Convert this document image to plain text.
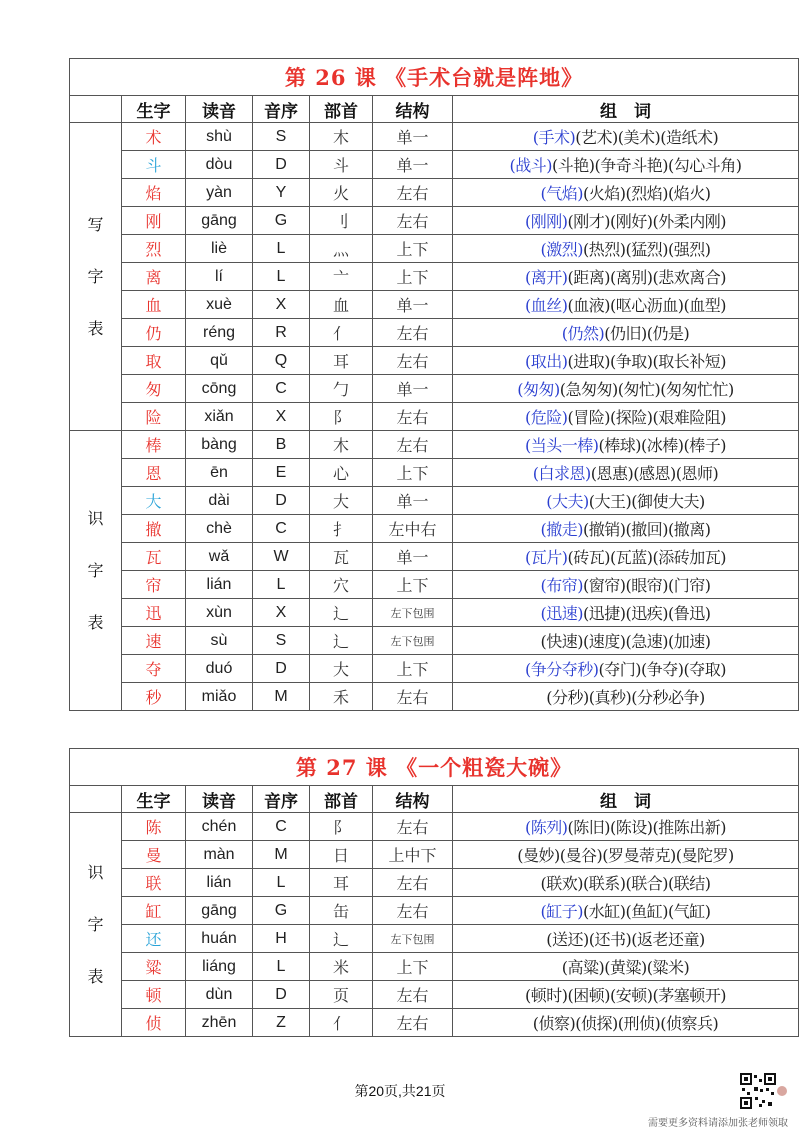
第 26 课 《手术台就是阵地》						
	生字	读音	音序	部首	结构	组　词

写
字
表	术	shù	S	木	单一	(手术)(艺术)(美术)(造纸术)
	斗	dòu	D	斗	单一	(战斗)(斗艳)(争奇斗艳)(勾心斗角)
	焰	yàn	Y	火	左右	(气焰)(火焰)(烈焰)(焰火)
	刚	gāng	G	刂	左右	(刚刚)(刚才)(刚好)(外柔内刚)
	烈	liè	L	灬	上下	(激烈)(热烈)(猛烈)(强烈)
	离	lí	L	亠	上下	(离开)(距离)(离别)(悲欢离合)
	血	xuè	X	血	单一	(血丝)(血液)(呕心沥血)(血型)
	仍	réng	R	亻	左右	(仍然)(仍旧)(仍是)
	取	qǔ	Q	耳	左右	(取出)(进取)(争取)(取长补短)
	匆	cōng	C	勹	单一	(匆匆)(急匆匆)(匆忙)(匆匆忙忙)
	险	xiǎn	X	阝	左右	(危险)(冒险)(探险)(艰难险阻)

识
字
表	棒	bàng	B	木	左右	(当头一棒)(棒球)(冰棒)(棒子)
	恩	ēn	E	心	上下	(白求恩)(恩惠)(感恩)(恩师)
	大	dài	D	大	单一	(大夫)(大王)(御使大夫)
	撤	chè	C	扌	左中右	(撤走)(撤销)(撤回)(撤离)
	瓦	wǎ	W	瓦	单一	(瓦片)(砖瓦)(瓦蓝)(添砖加瓦)
	帘	lián	L	穴	上下	(布帘)(窗帘)(眼帘)(门帘)
	迅	xùn	X	辶	左下包围	(迅速)(迅捷)(迅疾)(鲁迅)
	速	sù	S	辶	左下包围	(快速)(速度)(急速)(加速)
	夺	duó	D	大	上下	(争分夺秒)(夺门)(争夺)(夺取)
	秒	miǎo	M	禾	左右	(分秒)(真秒)(分秒必争)
第 27 课 《一个粗瓷大碗》						
	生字	读音	音序	部首	结构	组　词

识
字
表	陈	chén	C	阝	左右	(陈列)(陈旧)(陈设)(推陈出新)
	曼	màn	M	日	上中下	(曼妙)(曼谷)(罗曼蒂克)(曼陀罗)
	联	lián	L	耳	左右	(联欢)(联系)(联合)(联结)
	缸	gāng	G	缶	左右	(缸子)(水缸)(鱼缸)(气缸)
	还	huán	H	辶	左下包围	(送还)(还书)(返老还童)
	粱	liáng	L	米	上下	(高粱)(黄粱)(粱米)
	顿	dùn	D	页	左右	(顿时)(困顿)(安顿)(茅塞顿开)
	侦	zhēn	Z	亻	左右	(侦察)(侦探)(刑侦)(侦察兵)
第20页,共21页
需要更多资料请添加张老师领取
